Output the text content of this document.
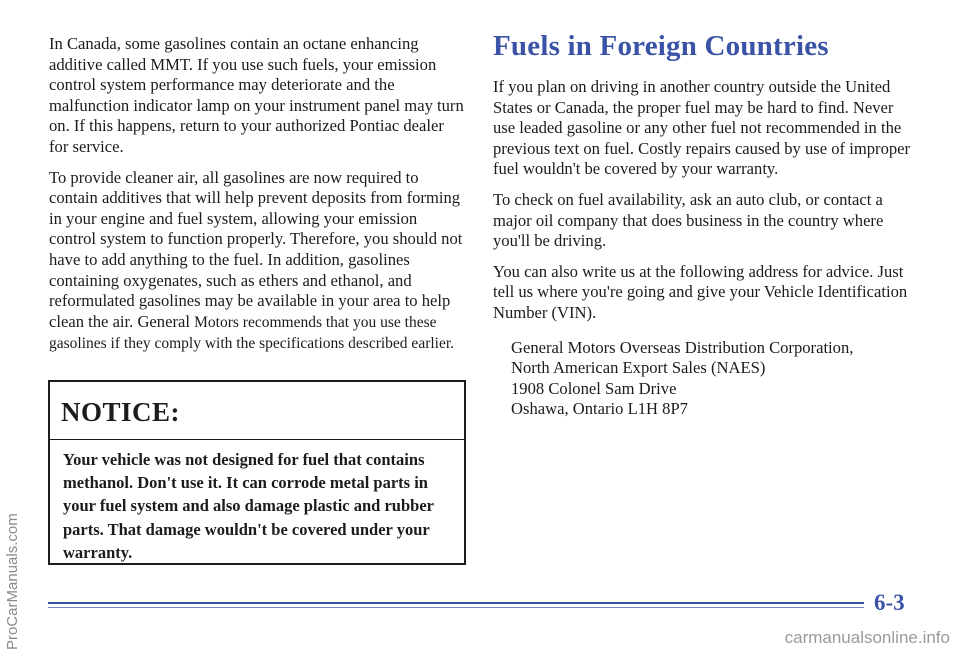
In Canada, some gasolines contain an octane enhancing additive called MMT. If you use such fuels, your emission control system performance may deteriorate and the malfunction indicator lamp on your instrument panel may turn on. If this happens, return to your authorized Pontiac dealer for service.

To provide cleaner air, all gasolines are now required to contain additives that will help prevent deposits from forming in your engine and fuel system, allowing your emission control system to function properly. Therefore, you should not have to add anything to the fuel. In addition, gasolines containing oxygenates, such as ethers and ethanol, and reformulated gasolines may be available in your area to help clean the air. General Motors recommends that you use these gasolines if they comply with the specifications described earlier.

NOTICE:
Your vehicle was not designed for fuel that contains methanol. Don't use it. It can corrode metal parts in your fuel system and also damage plastic and rubber parts. That damage wouldn't be covered under your warranty.
Fuels in Foreign Countries

If you plan on driving in another country outside the United States or Canada, the proper fuel may be hard to find. Never use leaded gasoline or any other fuel not recommended in the previous text on fuel. Costly repairs caused by use of improper fuel wouldn't be covered by your warranty.

To check on fuel availability, ask an auto club, or contact a major oil company that does business in the country where you'll be driving.

You can also write us at the following address for advice. Just tell us where you're going and give your Vehicle Identification Number (VIN).

General Motors Overseas Distribution Corporation,
North American Export Sales (NAES)
1908 Colonel Sam Drive
Oshawa, Ontario L1H 8P7
6-3
ProCarManuals.com	carmanualsonline.info
